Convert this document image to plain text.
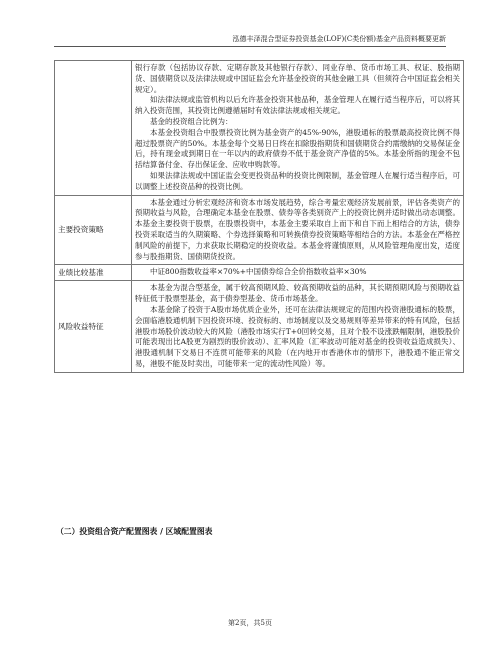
泓德丰泽混合型证券投资基金(LOF)(C类份额)基金产品资料概要更新

	银行存款（包括协议存款、定期存款及其他银行存款）、同业存单、货币市场工具、权证、股指期货、国债期货以及法律法规或中国证监会允许基金投资的其他金融工具（但须符合中国证监会相关规定）。

如法律法规或监管机构以后允许基金投资其他品种，基金管理人在履行适当程序后，可以将其纳入投资范围，其投资比例遵循届时有效法律法规或相关规定。

基金的投资组合比例为：

本基金投资组合中股票投资比例为基金资产的45%-90%，港股通标的股票最高投资比例不得超过股票资产的50%。本基金每个交易日日终在扣除股指期货和国债期货合约需缴纳的交易保证金后，持有现金或到期日在一年以内的政府债券不低于基金资产净值的5%。本基金所指的现金不包括结算备付金、存出保证金、应收申购款等。

如果法律法规或中国证监会变更投资品种的投资比例限制，基金管理人在履行适当程序后，可以调整上述投资品种的投资比例。

主要投资策略	本基金通过分析宏观经济和资本市场发展趋势，综合考量宏观经济发展前景，评估各类资产的预期收益与风险，合理确定本基金在股票、债券等各类别资产上的投资比例并适时做出动态调整。本基金主要投资于股票，在股票投资中，本基金主要采取自上而下和自下而上相结合的方法，债券投资采取适当的久期策略、个券选择策略和可转换债券投资策略等相结合的方法。本基金在严格控制风险的前提下，力求获取长期稳定的投资收益。本基金将谨慎原则，从风险管理角度出发，适度参与股指期货、国债期货投资。

业绩比较基准	中证800指数收益率×70%+中国债券综合全价指数收益率×30%

风险收益特征	本基金为混合型基金，属于较高预期风险、较高预期收益的品种，其长期预期风险与预期收益特征低于股票型基金，高于债券型基金、货币市场基金。

本基金除了投资于A股市场优质企业外，还可在法律法规规定的范围内投资港股通标的股票，会面临港股通机制下因投资环境、投资标的、市场制度以及交易规则等差异带来的特有风险，包括港股市场股价波动较大的风险（港股市场实行T+0回转交易，且对个股不设涨跌幅限制，港股股价可能表现出比A股更为剧烈的股价波动）、汇率风险（汇率波动可能对基金的投资收益造成损失）、港股通机制下交易日不连贯可能带来的风险（在内地开市香港休市的情形下，港股通不能正常交易，港股不能及时卖出，可能带来一定的流动性风险）等。

（二）投资组合资产配置图表 / 区域配置图表
第2页，共5页
